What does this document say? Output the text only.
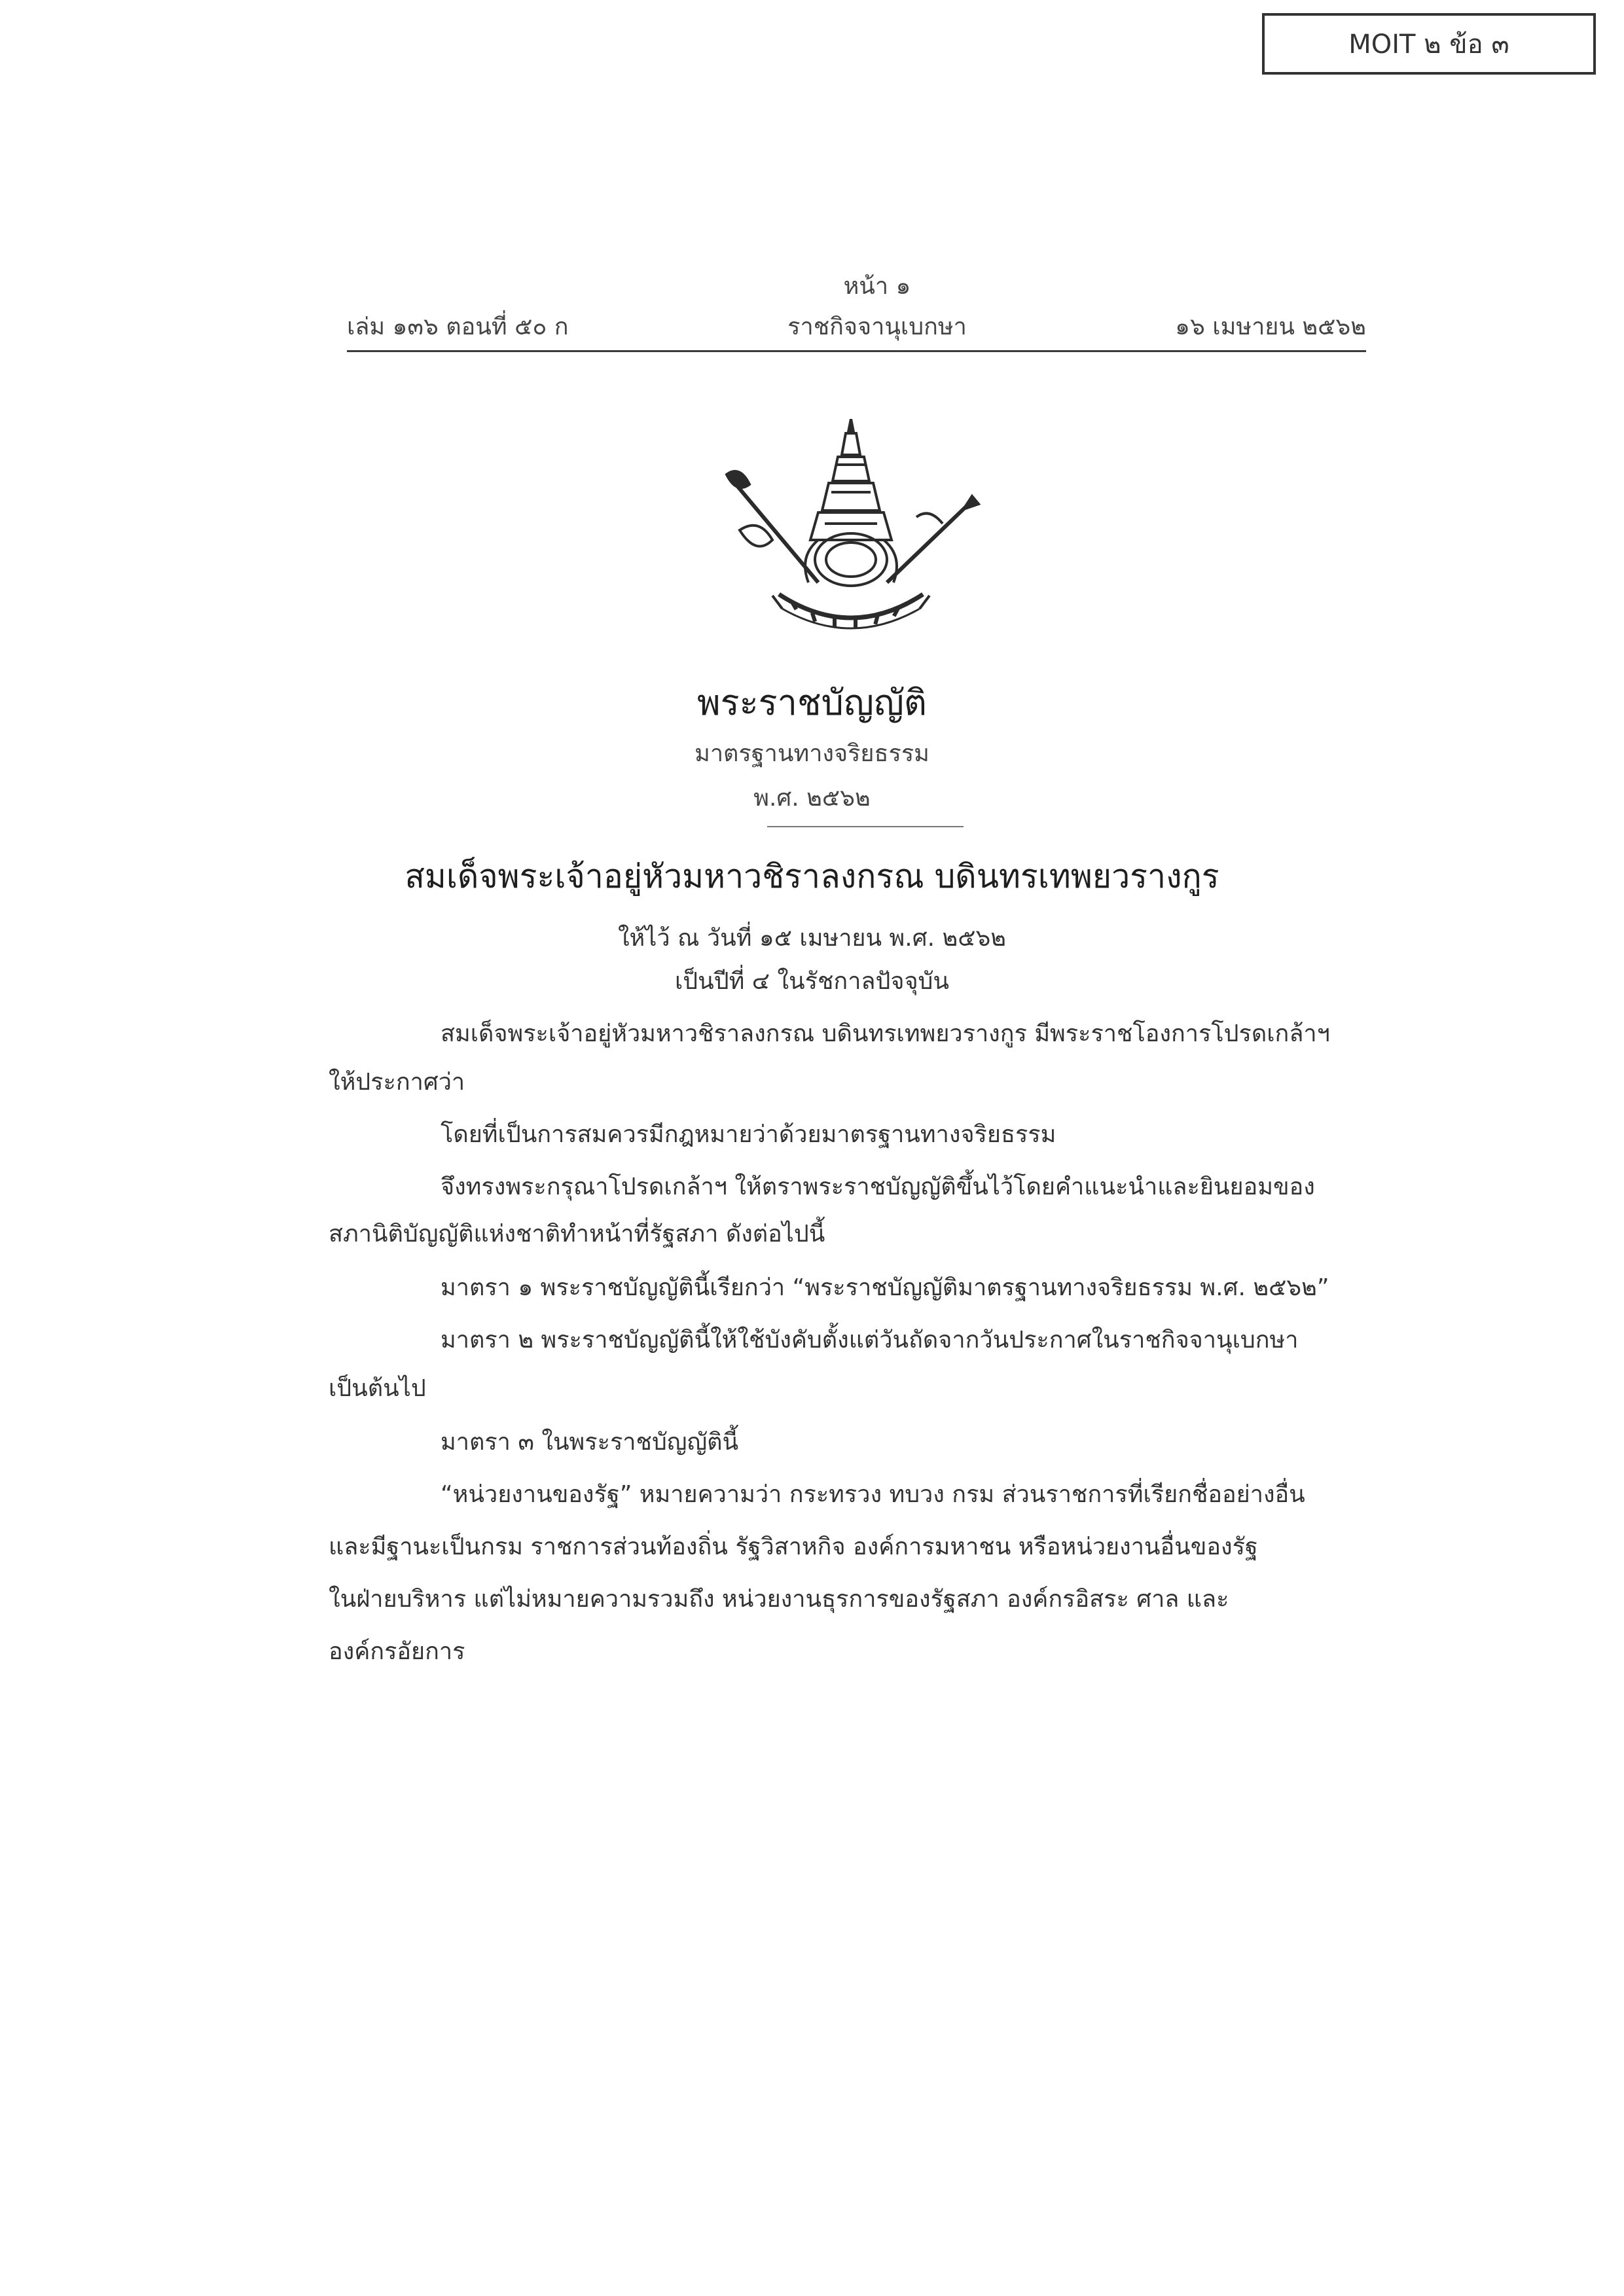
MOIT ๒ ข้อ ๓
หน้า ๑
เล่ม ๑๓๖ ตอนที่ ๕๐ ก	ราชกิจจานุเบกษา	๑๖ เมษายน ๒๕๖๒
พระราชบัญญัติ
มาตรฐานทางจริยธรรม
พ.ศ. ๒๕๖๒
สมเด็จพระเจ้าอยู่หัวมหาวชิราลงกรณ บดินทรเทพยวรางกูร
ให้ไว้ ณ วันที่ ๑๕ เมษายน พ.ศ. ๒๕๖๒
เป็นปีที่ ๔ ในรัชกาลปัจจุบัน
สมเด็จพระเจ้าอยู่หัวมหาวชิราลงกรณ บดินทรเทพยวรางกูร มีพระราชโองการโปรดเกล้าฯ
ให้ประกาศว่า
โดยที่เป็นการสมควรมีกฎหมายว่าด้วยมาตรฐานทางจริยธรรม
จึงทรงพระกรุณาโปรดเกล้าฯ ให้ตราพระราชบัญญัติขึ้นไว้โดยคำแนะนำและยินยอมของ
สภานิติบัญญัติแห่งชาติทำหน้าที่รัฐสภา ดังต่อไปนี้
มาตรา ๑ พระราชบัญญัตินี้เรียกว่า “พระราชบัญญัติมาตรฐานทางจริยธรรม พ.ศ. ๒๕๖๒”
มาตรา ๒ พระราชบัญญัตินี้ให้ใช้บังคับตั้งแต่วันถัดจากวันประกาศในราชกิจจานุเบกษา
เป็นต้นไป
มาตรา ๓ ในพระราชบัญญัตินี้
“หน่วยงานของรัฐ” หมายความว่า กระทรวง ทบวง กรม ส่วนราชการที่เรียกชื่ออย่างอื่น
และมีฐานะเป็นกรม ราชการส่วนท้องถิ่น รัฐวิสาหกิจ องค์การมหาชน หรือหน่วยงานอื่นของรัฐ
ในฝ่ายบริหาร แต่ไม่หมายความรวมถึง หน่วยงานธุรการของรัฐสภา องค์กรอิสระ ศาล และ
องค์กรอัยการ
